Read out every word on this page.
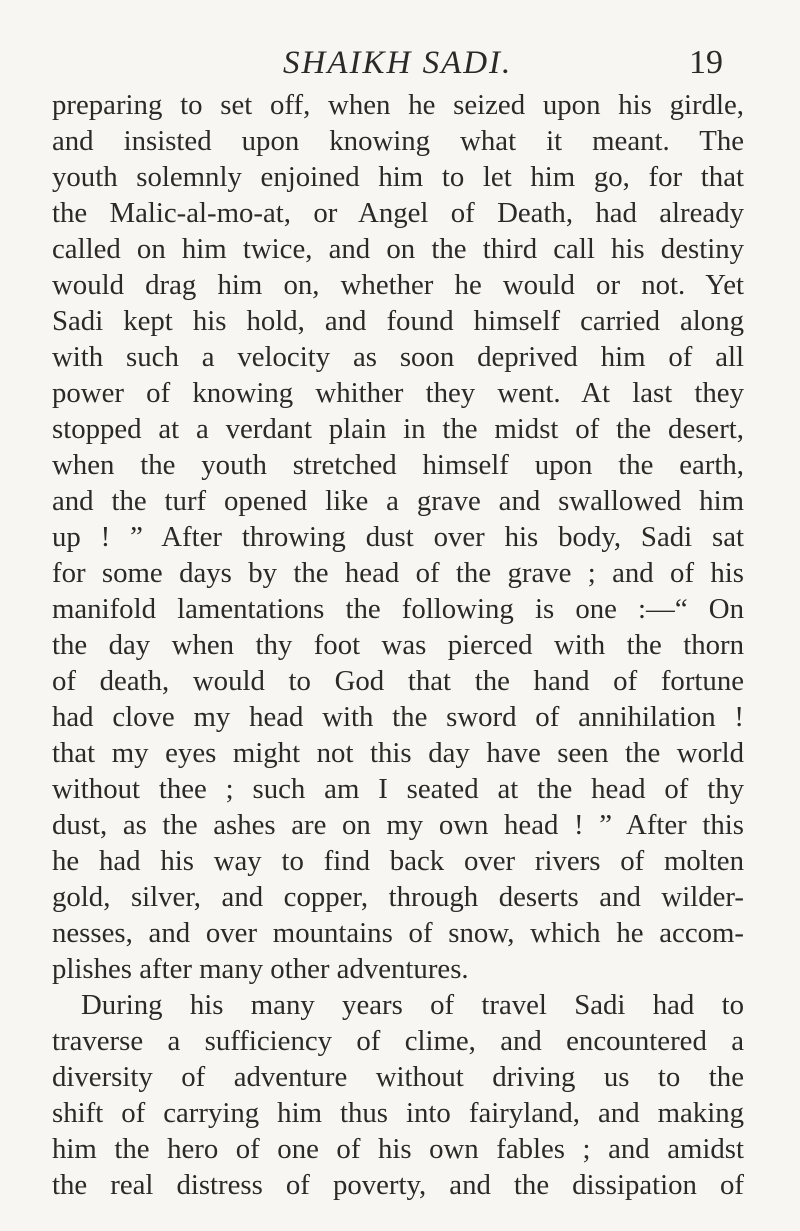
SHAIKH SADI.	19
preparing to set off, when he seized upon his girdle,
and insisted upon knowing what it meant. The
youth solemnly enjoined him to let him go, for that
the Malic-al-mo-at, or Angel of Death, had already
called on him twice, and on the third call his destiny
would drag him on, whether he would or not. Yet
Sadi kept his hold, and found himself carried along
with such a velocity as soon deprived him of all
power of knowing whither they went. At last they
stopped at a verdant plain in the midst of the desert,
when the youth stretched himself upon the earth,
and the turf opened like a grave and swallowed him
up ! ” After throwing dust over his body, Sadi sat
for some days by the head of the grave ; and of his
manifold lamentations the following is one :—“ On
the day when thy foot was pierced with the thorn
of death, would to God that the hand of fortune
had clove my head with the sword of annihilation !
that my eyes might not this day have seen the world
without thee ; such am I seated at the head of thy
dust, as the ashes are on my own head ! ” After this
he had his way to find back over rivers of molten
gold, silver, and copper, through deserts and wilder-
nesses, and over mountains of snow, which he accom-
plishes after many other adventures.
During his many years of travel Sadi had to
traverse a sufficiency of clime, and encountered a
diversity of adventure without driving us to the
shift of carrying him thus into fairyland, and making
him the hero of one of his own fables ; and amidst
the real distress of poverty, and the dissipation of
